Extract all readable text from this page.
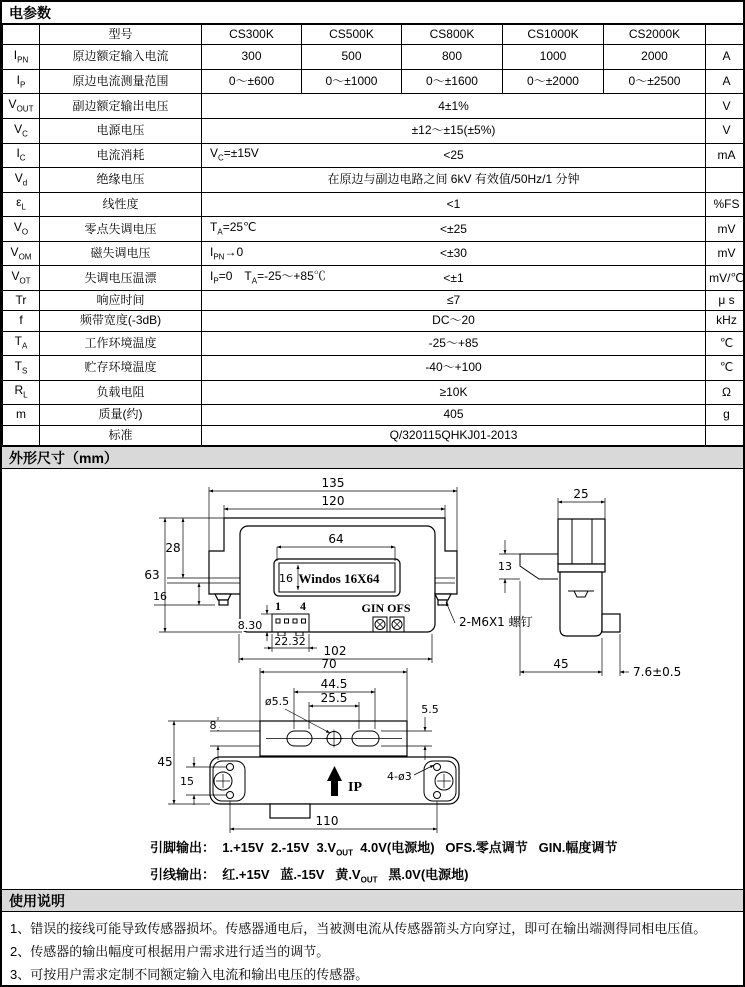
电参数
	型号	CS300K	CS500K	CS800K	CS1000K	CS2000K	
$I_{PN}$	原边额定输入电流	300	500	800	1000	2000	A
$I_P$	原边电流测量范围	0～±600	0～±1000	0～±1600	0～±2000	0～±2500	A
$V_{OUT}$	副边额定输出电压	4±1%					V
$V_C$	电源电压	±12～±15(±5%)					V
$I_C$	电流消耗	$V_C=\pm 15V <25$					mA
$V_d$	绝缘电压	在原边与副边电路之间 6kV 有效值/50Hz/1 分钟					
$\varepsilon_L$	线性度	<1					%FS
$V_O$	零点失调电压	$T_A=25℃ <\pm 25$					mV
$V_{OM}$	磁失调电压	$I_{PN}\to 0 <\pm 30$					mV
$V_{OT}$	失调电压温漂	$I_P=0$ $T_A=-25\sim+85℃ <\pm 1$					mV/℃
Tr	响应时间	≤7					μ s
f	频带宽度(-3dB)	DC～20					kHz
$T_A$	工作环境温度	-25～+85					℃
$T_S$	贮存环境温度	-40～+100					℃
$R_L$	负载电阻	≥10K					Ω
m	质量(约)	405					g
	标准	Q/320115QHKJ01-2013					
外形尺寸（mm）
Windos 16X64
1 4	GIN OFS
2-M6X1 螺钉
135
120
63
28
16
64
16
8.30
22.32
102
13
25
45
7.6±0.5
IP
70
44.5
25.5
ø5.5
5.5
8
45
15	4-ø3
110
引脚输出：  1.+15V  2.-15V  $3.V_{OUT}$  4.0V(电源地)   OFS.零点调节   GIN.幅度调节
引线输出：  红.+15V   蓝.-15V   黄$.V_{OUT}$   黑.0V(电源地)
使用说明
1、错误的接线可能导致传感器损坏。传感器通电后，当被测电流从传感器箭头方向穿过，即可在输出端测得同相电压值。
2、传感器的输出幅度可根据用户需求进行适当的调节。
3、可按用户需求定制不同额定输入电流和输出电压的传感器。
